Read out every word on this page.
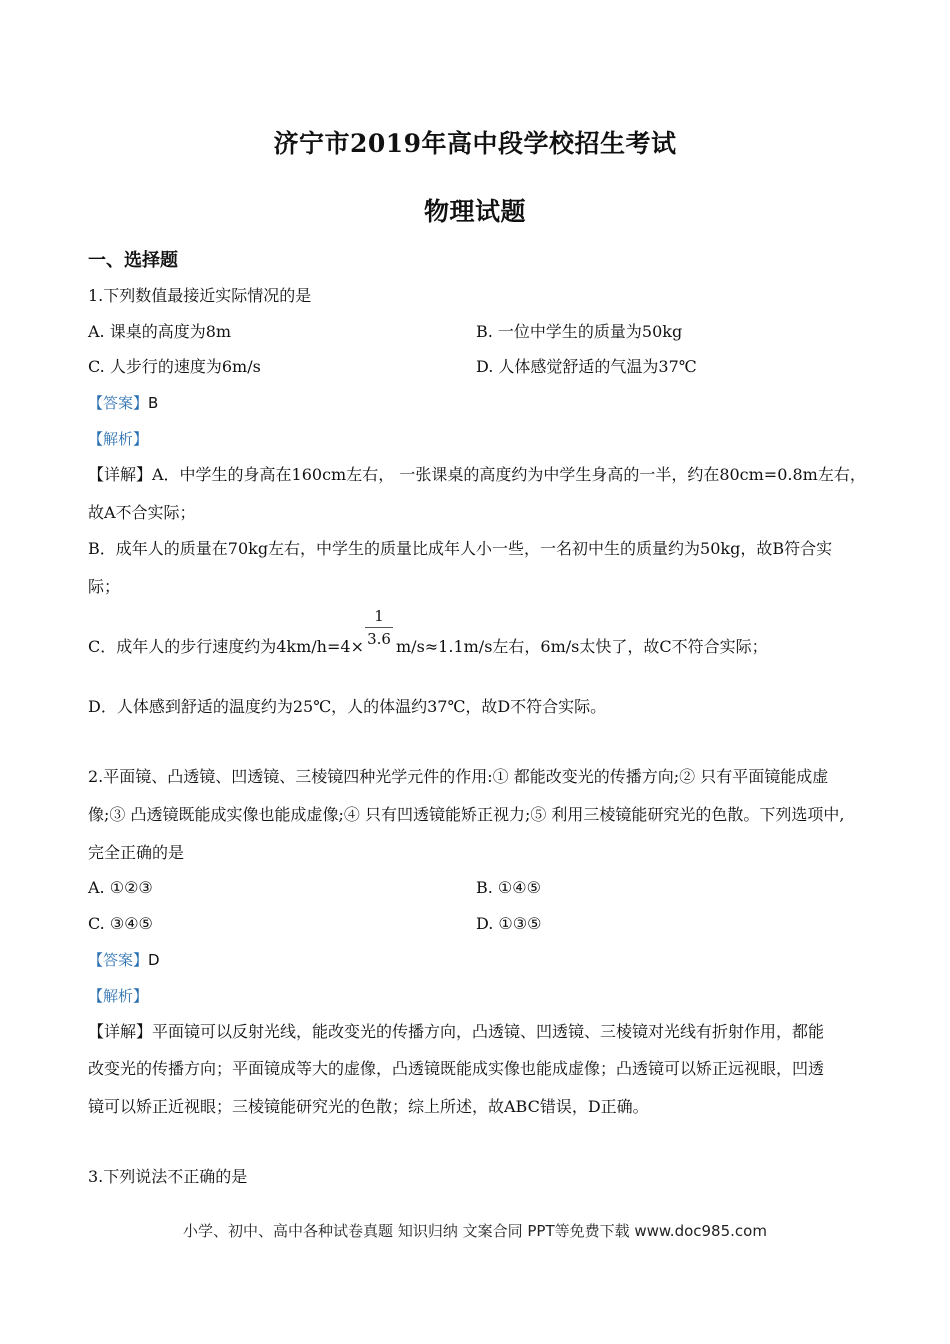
济宁市2019年高中段学校招生考试
物理试题
一、选择题
1.下列数值最接近实际情况的是
A. 课桌的高度为8m	B. 一位中学生的质量为50kg
C. 人步行的速度为6m/s	D. 人体感觉舒适的气温为37℃
【答案】B
【解析】
【详解】A．中学生的身高在160cm左右， 一张课桌的高度约为中学生身高的一半，约在80cm=0.8m左右，
故A不合实际；
B．成年人的质量在70kg左右，中学生的质量比成年人小一些，一名初中生的质量约为50kg，故B符合实
际；
C．成年人的步行速度约为$4km/h=4\times \frac{1}{3.6} m/s\approx 1.1m/s$左右，6m/s太快了，故C不符合实际；
D．人体感到舒适的温度约为25℃，人的体温约37℃，故D不符合实际。
2.平面镜、凸透镜、凹透镜、三棱镜四种光学元件的作用:① 都能改变光的传播方向;② 只有平面镜能成虚
像;③ 凸透镜既能成实像也能成虚像;④ 只有凹透镜能矫正视力;⑤ 利用三棱镜能研究光的色散。下列选项中,
完全正确的是
A. ①②③	B. ①④⑤
C. ③④⑤	D. ①③⑤
【答案】D
【解析】
【详解】平面镜可以反射光线，能改变光的传播方向，凸透镜、凹透镜、三棱镜对光线有折射作用，都能
改变光的传播方向；平面镜成等大的虚像，凸透镜既能成实像也能成虚像；凸透镜可以矫正远视眼，凹透
镜可以矫正近视眼；三棱镜能研究光的色散；综上所述，故ABC错误，D正确。
3.下列说法不正确的是
小学、初中、高中各种试卷真题 知识归纳 文案合同 PPT等免费下载 www.doc985.com
